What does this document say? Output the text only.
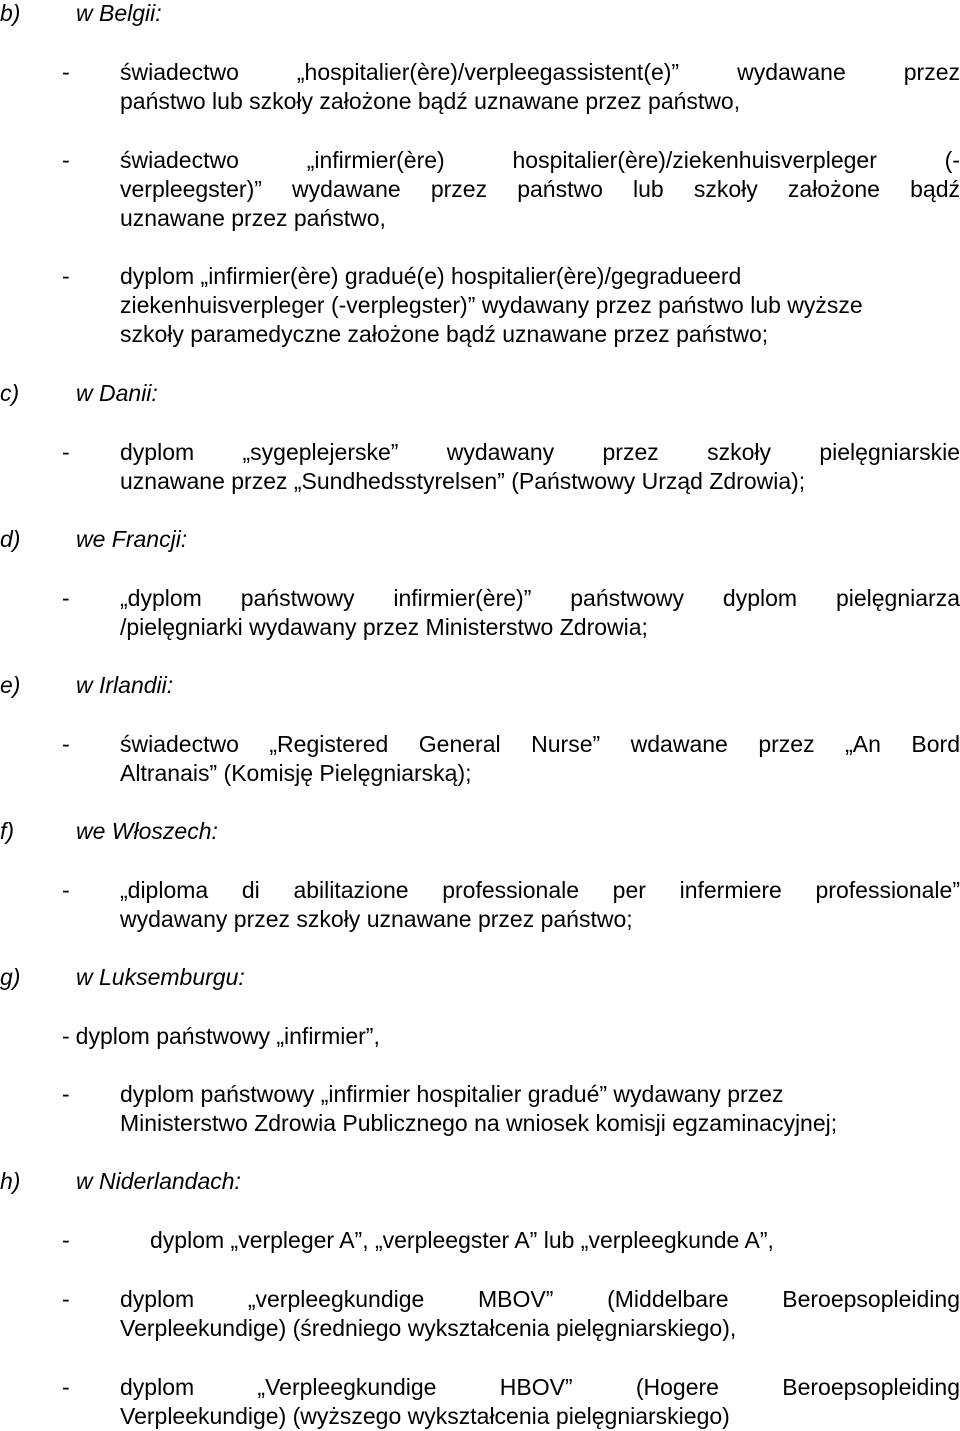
b) w Belgii:
- świadectwo „hospitalier(ère)/verpleegassistent(e)” wydawane przez
państwo lub szkoły założone bądź uznawane przez państwo,
- świadectwo „infirmier(ère) hospitalier(ère)/ziekenhuisverpleger (-
verpleegster)” wydawane przez państwo lub szkoły założone bądź
uznawane przez państwo,
- dyplom „infirmier(ère) gradué(e) hospitalier(ère)/gegradueerd
ziekenhuisverpleger (-verplegster)” wydawany przez państwo lub wyższe
szkoły paramedyczne założone bądź uznawane przez państwo;
c) w Danii:
- dyplom „sygeplejerske” wydawany przez szkoły pielęgniarskie
uznawane przez „Sundhedsstyrelsen” (Państwowy Urząd Zdrowia);
d) we Francji:
- „dyplom państwowy infirmier(ère)” państwowy dyplom pielęgniarza
/pielęgniarki wydawany przez Ministerstwo Zdrowia;
e) w Irlandii:
- świadectwo „Registered General Nurse” wdawane przez „An Bord
Altranais” (Komisję Pielęgniarską);
f)	we Włoszech:
- „diploma di abilitazione professionale per infermiere professionale”
wydawany przez szkoły uznawane przez państwo;
g) w Luksemburgu:
- dyplom państwowy „infirmier”,
- dyplom państwowy „infirmier hospitalier gradué” wydawany przez
Ministerstwo Zdrowia Publicznego na wniosek komisji egzaminacyjnej;
h) w Niderlandach:
-	dyplom „verpleger A”, „verpleegster A” lub „verpleegkunde A”,
- dyplom „verpleegkundige MBOV” (Middelbare Beroepsopleiding
Verpleekundige) (średniego wykształcenia pielęgniarskiego),
- dyplom „Verpleegkundige HBOV” (Hogere Beroepsopleiding
Verpleekundige) (wyższego wykształcenia pielęgniarskiego)
